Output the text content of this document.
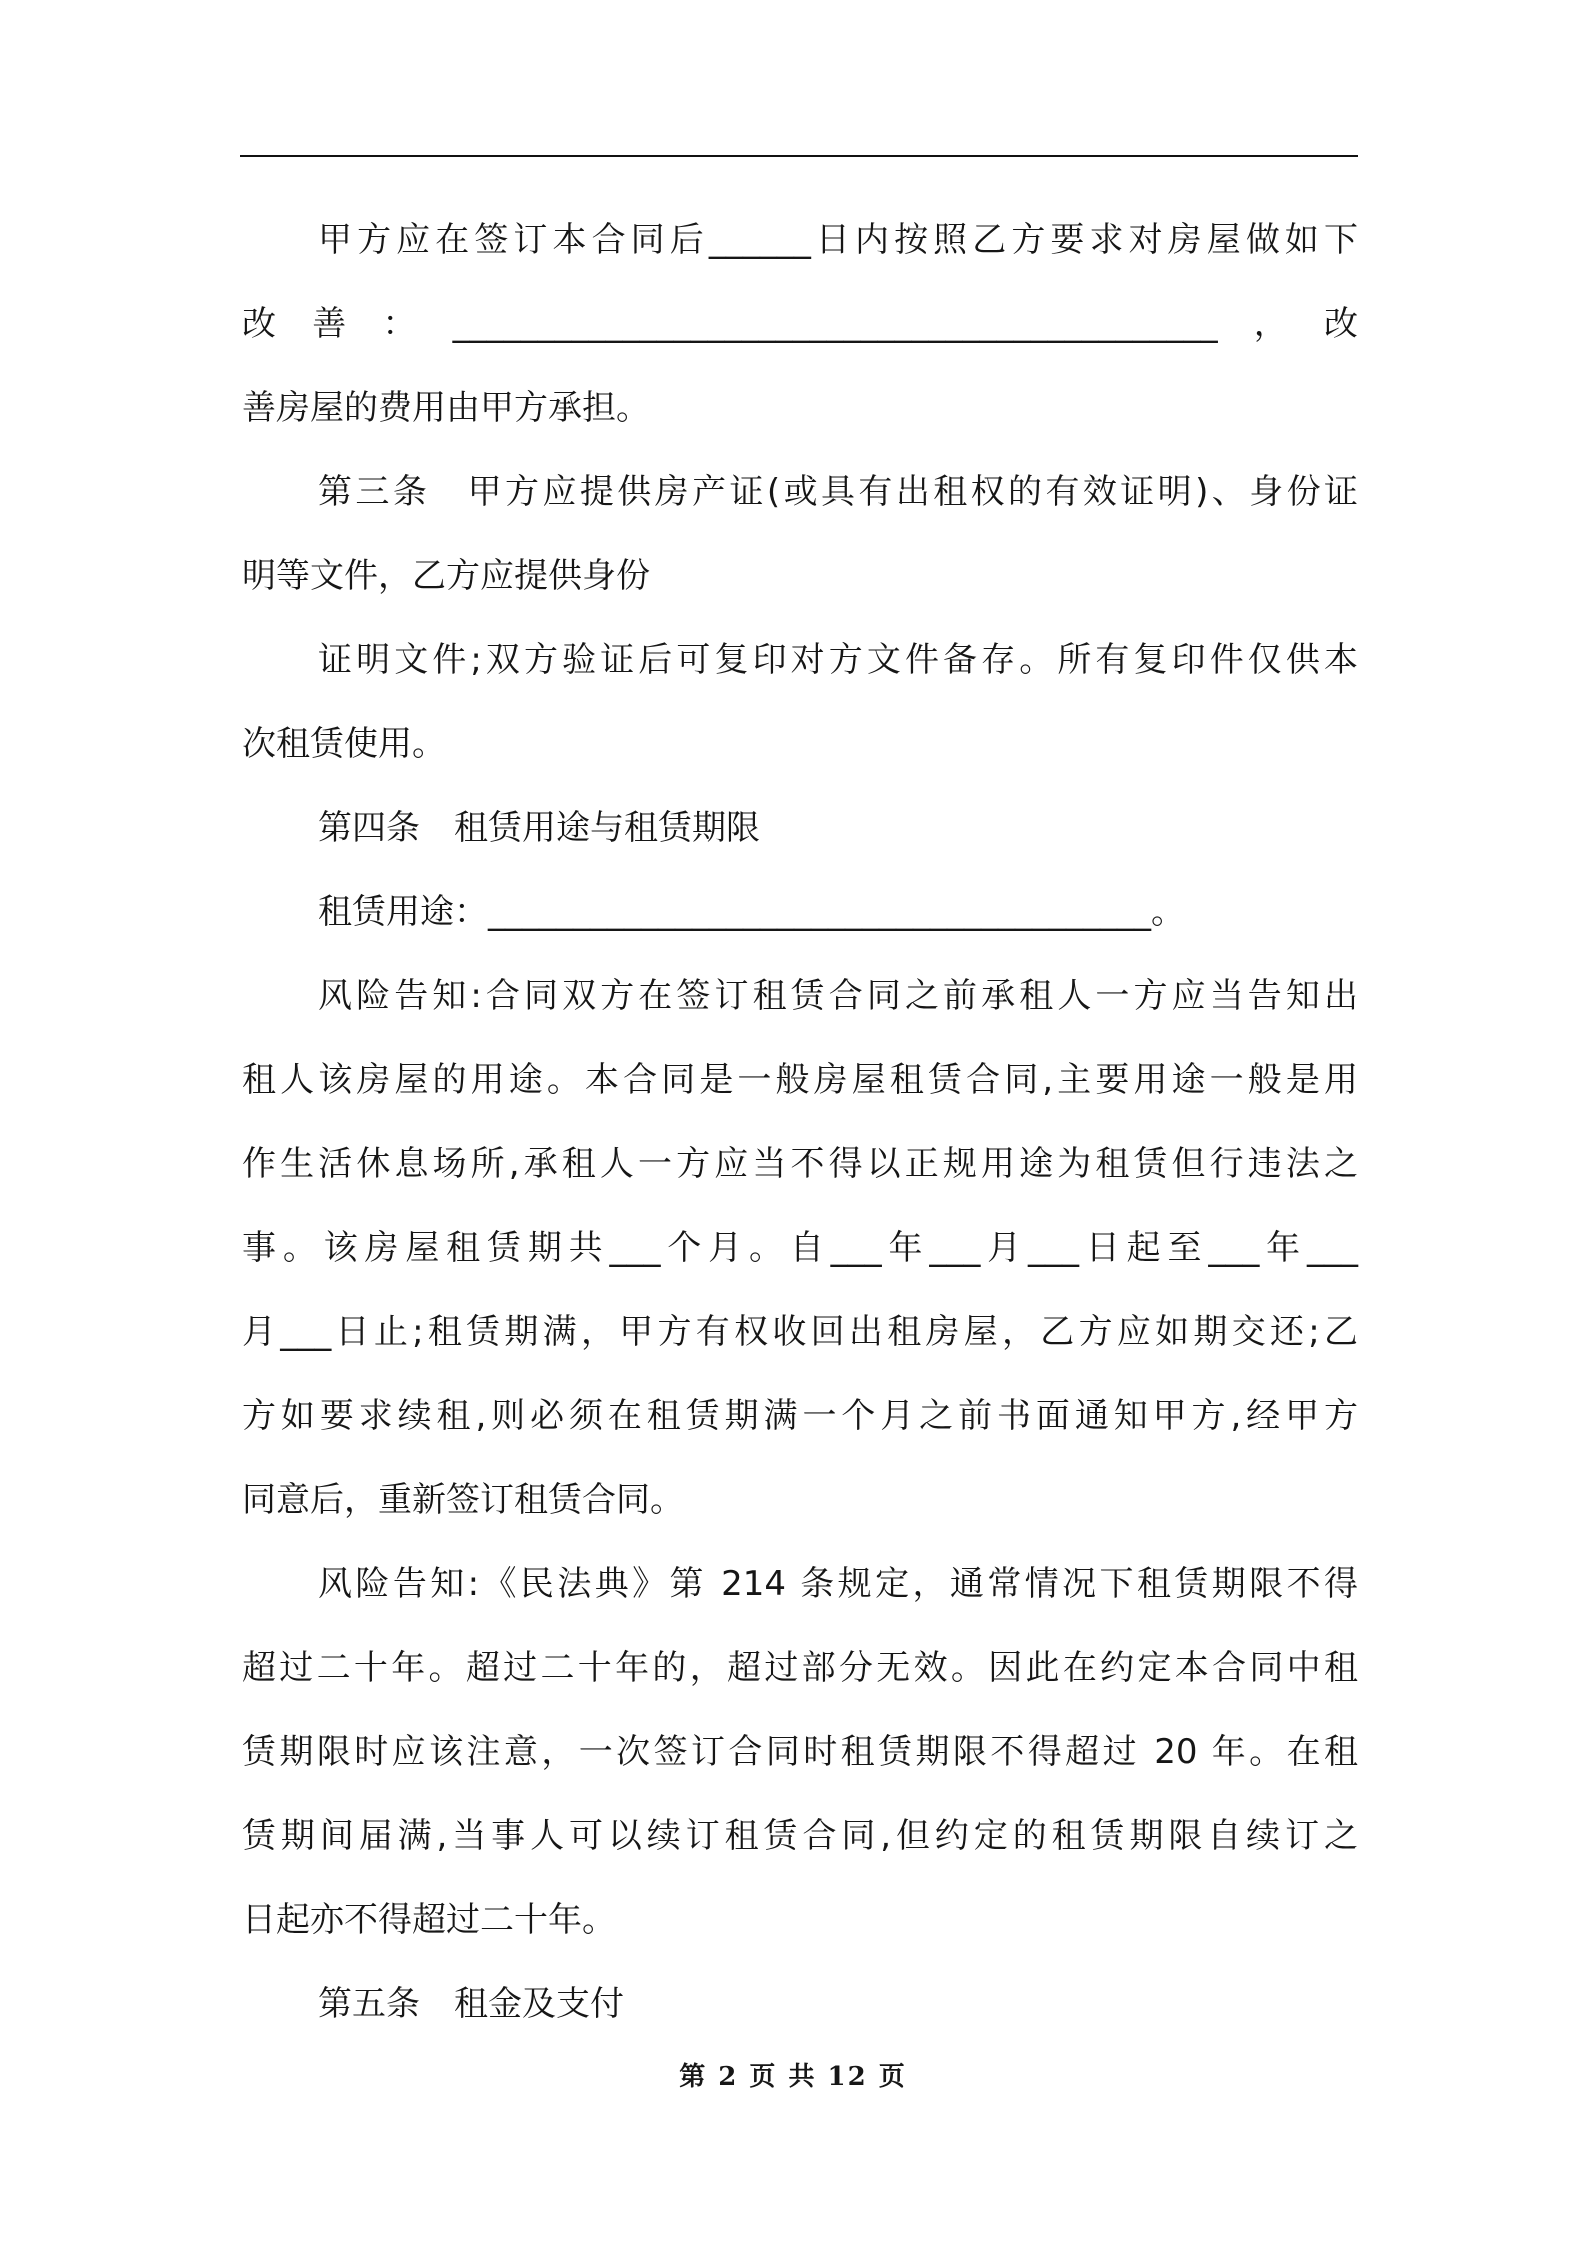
甲方应在签订本合同后______日内按照乙方要求对房屋做如下

改善：_____________________________________________，改

善房屋的费用由甲方承担。

第三条　甲方应提供房产证(或具有出租权的有效证明)、身份证

明等文件，乙方应提供身份

证明文件;双方验证后可复印对方文件备存。所有复印件仅供本

次租赁使用。

第四条　租赁用途与租赁期限

租赁用途：_______________________________________。

风险告知:合同双方在签订租赁合同之前承租人一方应当告知出

租人该房屋的用途。本合同是一般房屋租赁合同,主要用途一般是用

作生活休息场所,承租人一方应当不得以正规用途为租赁但行违法之

事。该房屋租赁期共___个月。自___年___月___日起至___年___

月___日止;租赁期满，甲方有权收回出租房屋，乙方应如期交还;乙

方如要求续租,则必须在租赁期满一个月之前书面通知甲方,经甲方

同意后，重新签订租赁合同。

风险告知:《民法典》第 214 条规定，通常情况下租赁期限不得

超过二十年。超过二十年的，超过部分无效。因此在约定本合同中租

赁期限时应该注意，一次签订合同时租赁期限不得超过 20 年。在租

赁期间届满,当事人可以续订租赁合同,但约定的租赁期限自续订之

日起亦不得超过二十年。

第五条　租金及支付

第 2 页 共 12 页
